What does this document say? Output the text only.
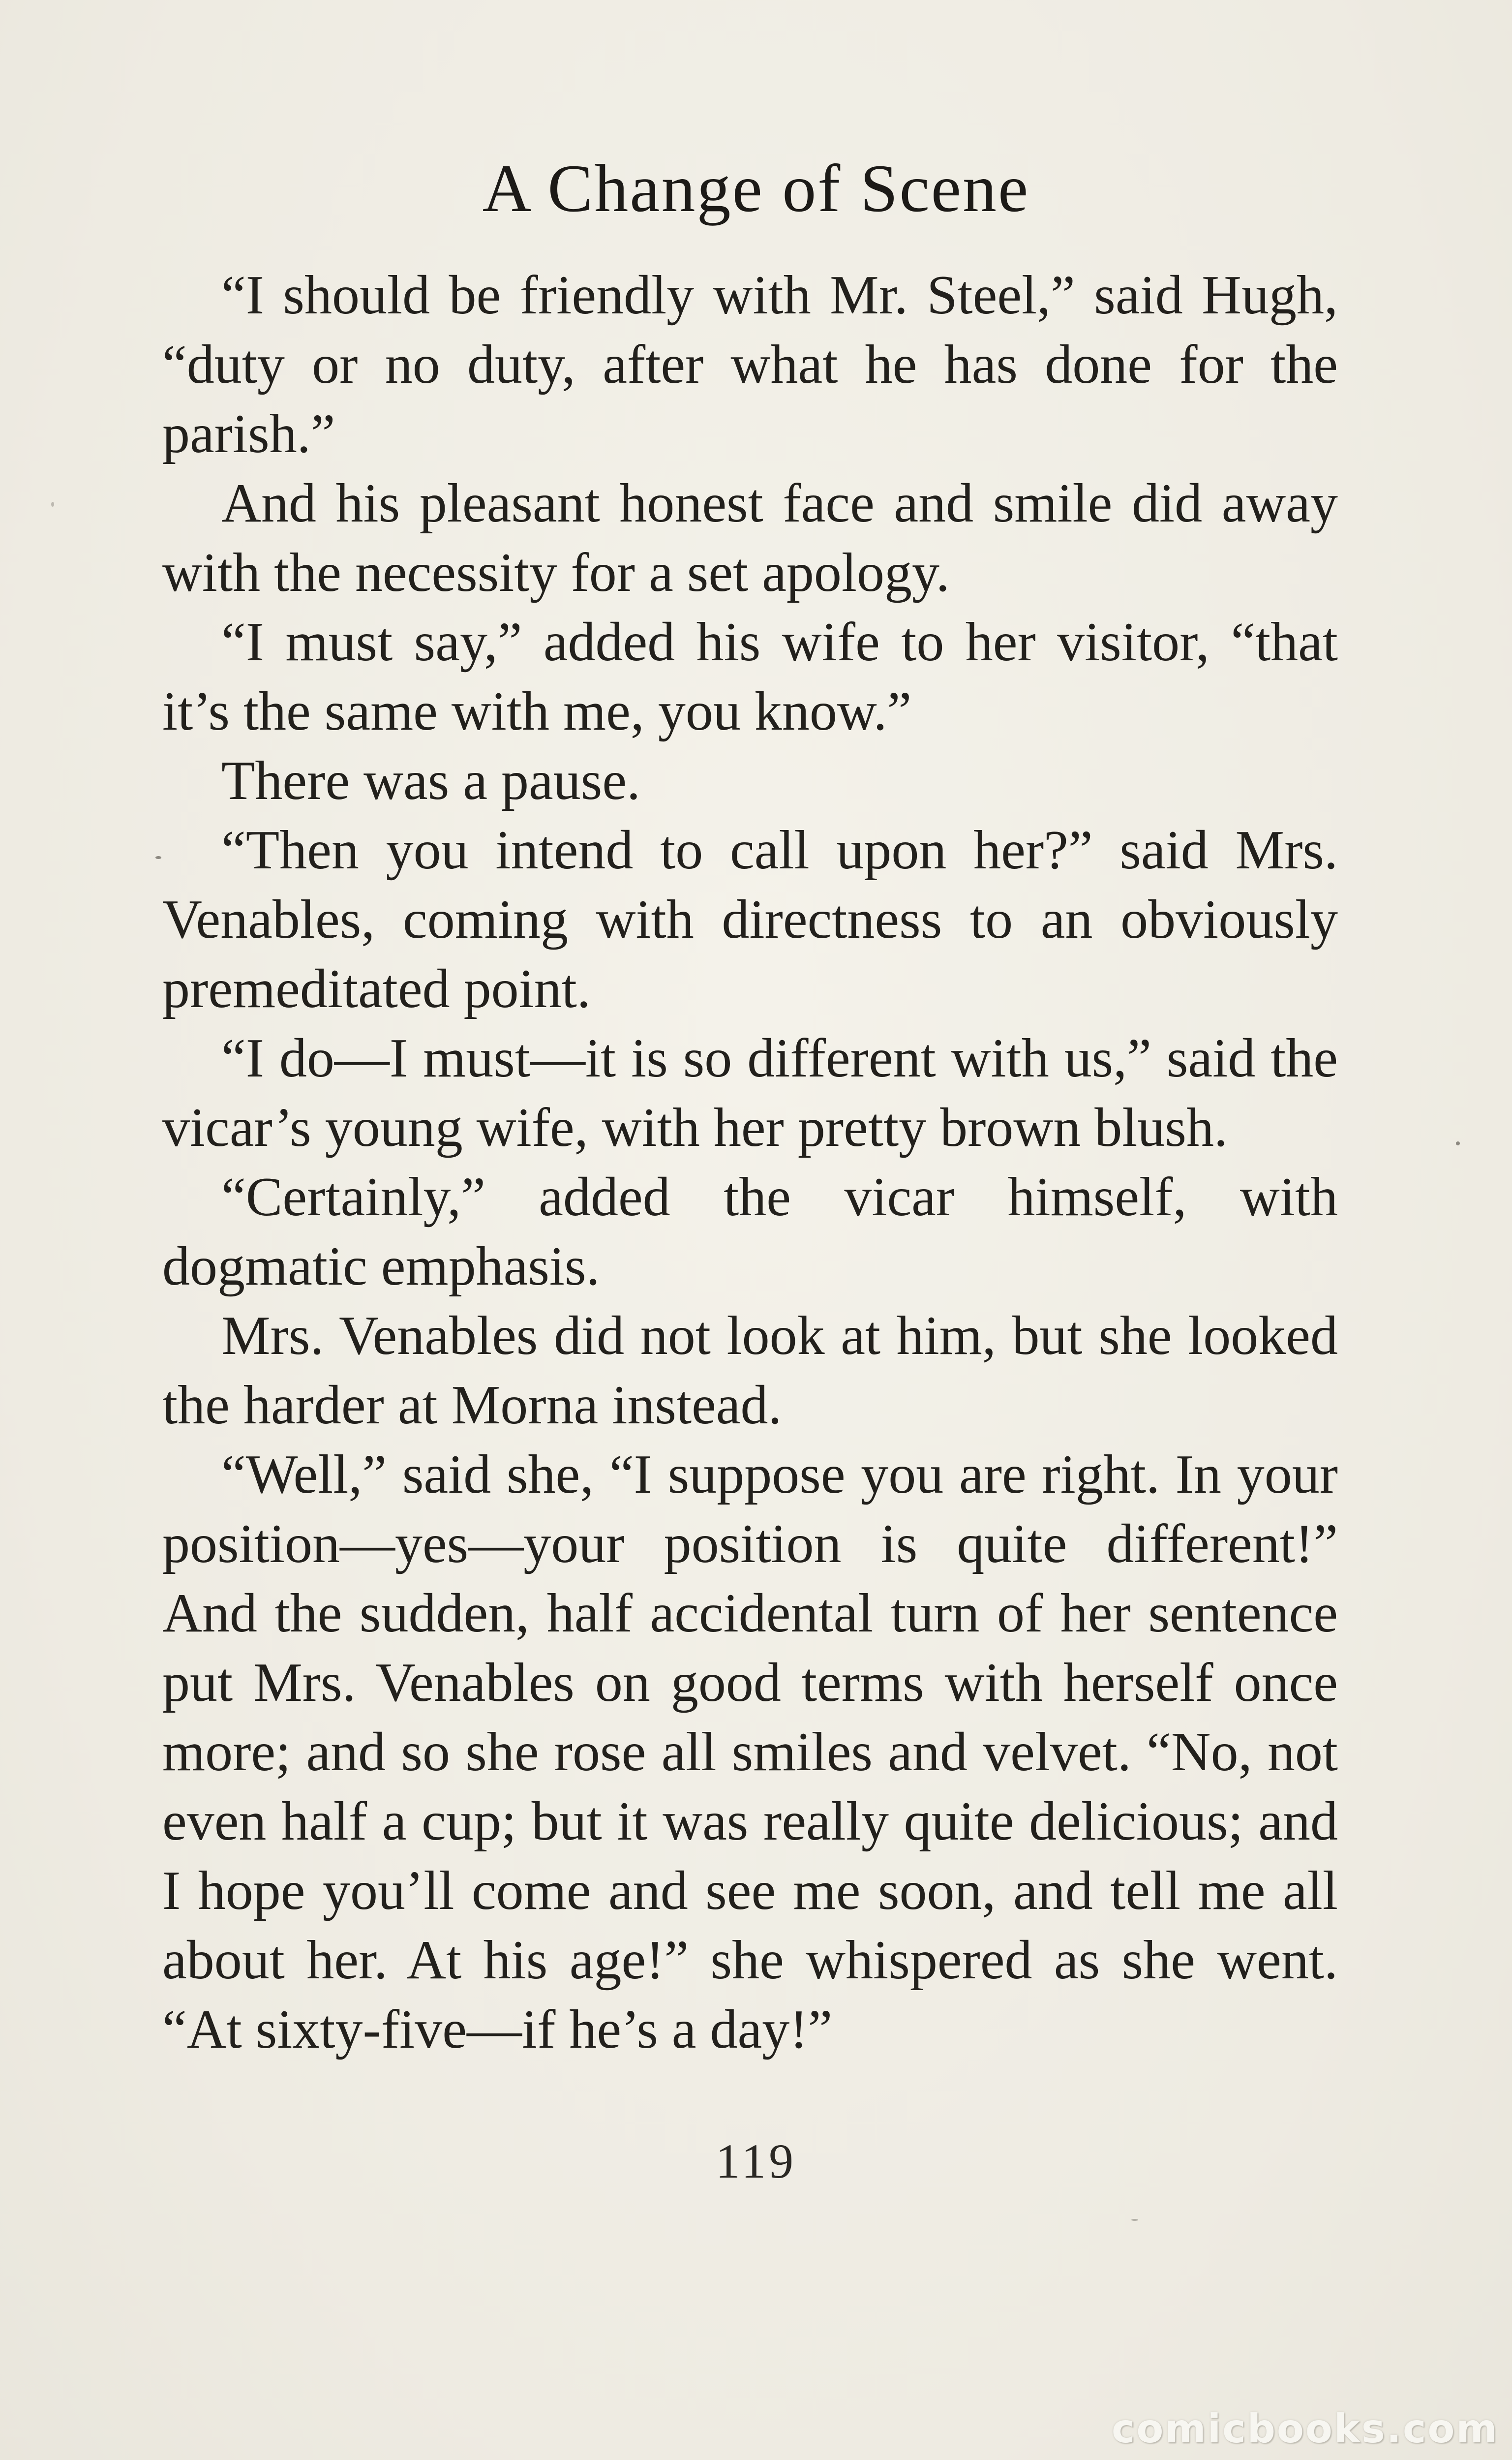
A Change of Scene

“I should be friendly with Mr. Steel,” said Hugh, “duty or no duty, after what he has done for the parish.”

And his pleasant honest face and smile did away with the necessity for a set apology.

“I must say,” added his wife to her visitor, “that it’s the same with me, you know.”

There was a pause.

“Then you intend to call upon her?” said Mrs. Venables, coming with directness to an obviously premeditated point.

“I do—I must—it is so different with us,” said the vicar’s young wife, with her pretty brown blush.

“Certainly,” added the vicar himself, with dogmatic emphasis.

Mrs. Venables did not look at him, but she looked the harder at Morna instead.

“Well,” said she, “I suppose you are right. In your position—yes—your position is quite different!” And the sudden, half accidental turn of her sentence put Mrs. Venables on good terms with herself once more; and so she rose all smiles and velvet. “No, not even half a cup; but it was really quite delicious; and I hope you’ll come and see me soon, and tell me all about her. At his age!” she whispered as she went. “At sixty-five—if he’s a day!”

119
comicbooks.com
